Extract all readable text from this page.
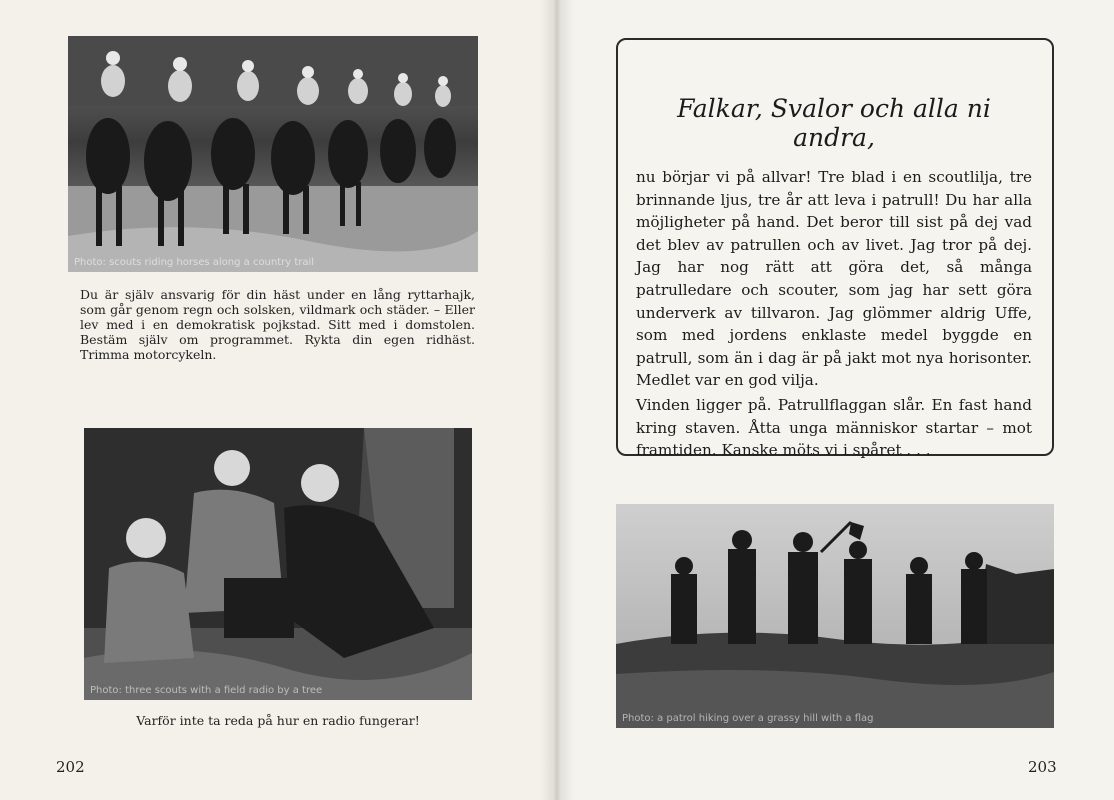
Photo: scouts riding horses along a country trail
Du är själv ansvarig för din häst under en lång ryttarhajk, som går genom regn och solsken, vildmark och städer. – Eller lev med i en demokratisk pojkstad. Sitt med i domstolen. Bestäm själv om programmet. Rykta din egen ridhäst. Trimma motorcykeln.
Photo: three scouts with a field radio by a tree
Varför inte ta reda på hur en radio fungerar!
202
Falkar, Svalor och alla ni andra,

nu börjar vi på allvar! Tre blad i en scoutlilja, tre brinnande ljus, tre år att leva i patrull! Du har alla möjligheter på hand. Det beror till sist på dej vad det blev av patrullen och av livet. Jag tror på dej. Jag har nog rätt att göra det, så många patrulledare och scouter, som jag har sett göra underverk av tillvaron. Jag glömmer aldrig Uffe, som med jordens enklaste medel byggde en patrull, som än i dag är på jakt mot nya horisonter. Medlet var en god vilja.

Vinden ligger på. Patrullflaggan slår. En fast hand kring staven. Åtta unga människor startar – mot framtiden. Kanske möts vi i spåret . . .

Photo: a patrol hiking over a grassy hill with a flag
203
